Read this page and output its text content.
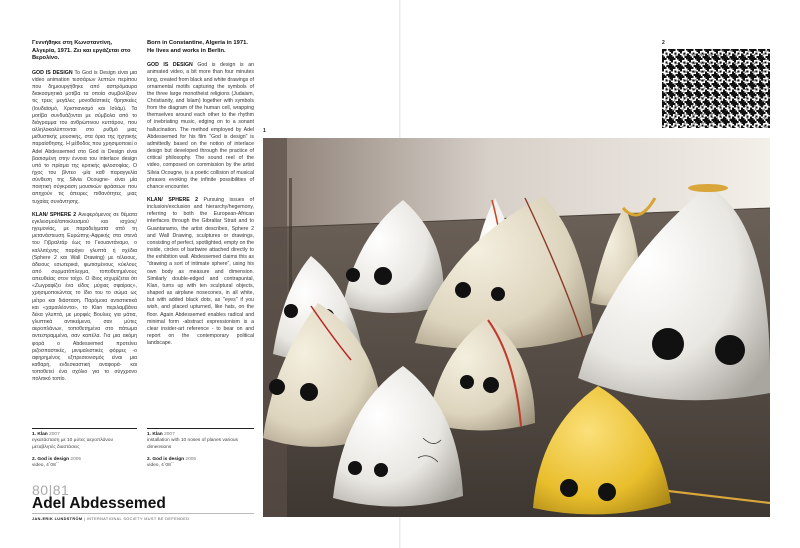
Γεννήθηκε στη Κωνσταντίνη, Αλγερία, 1971. Ζει και εργάζεται στο Βερολίνο.

GOD IS DESIGN Το God is Design είναι μια video animation τεσσάρων λεπτών περίπου που δημιουργήθηκε από ασπρόμαυρα διακοσμητικά μοτίβα τα οποία συμβολίζουν τις τρεις μεγάλες μονοθεϊστικές θρησκείες (Ιουδαϊσμό, Χριστιανισμό και Ισλάμ). Τα μοτίβα συνδυάζονται με σύμβολα από το διάγραμμα του ανθρώπινου κυττάρου, που αλληλοκαλύπτονται στο ρυθμό μιας μεθυστικής μουσικής, στα όρια της ηχητικής παραίσθησης. Η μέθοδος που χρησιμοποιεί ο Adel Abdessemed στο God is Design είναι βασισμένη στην έννοια του interlace design υπό το πρίσμα της κριτικής φιλοσοφίας. Ο ήχος του βίντεο -μία καθ παραγγελία σύνθεση της Silvia Ocougne- είναι μία ποιητική σύγκραση μουσικών φράσεων που απηχούν τις άπειρες πιθανότητες μιας τυχαίας συνάντησης.

KLAN/ SPHERE 2 Ανεφερόμενος σε θέματα εγκλεισμού/αποκλεισμού και ισχύος/ηγεμονίας, με παραδείγματα από τη μετανάστευση Ευρώπης-Αφρικής στα στενά του Γιβραλτάρ έως το Γκουαντάναμο, ο καλλιτέχνης παράγει γλυπτά ή σχέδια (Sphere 2 και Wall Drawing) με τέλειους, άδειους εσωτερικά, φωτισμένους κύκλους από συρματόπλεγμα, τοποθετημένους απευθείας στον τοίχο. Ο ίδιος ισχυρίζεται ότι «Ζωγραφίζει ένα είδος μύχιας σφαίρας», χρησιμοποιώντας το ίδιο του το σώμα ως μέτρο και διάσταση. Παρόμοια αντιστικτικά και «χαμαιλέοντα», το Klan περιλαμβάνει δέκα γλυπτά, με μορφές Βουλιες για μάτια, γλυπτικά αντικείμενα, σαν μύτες αεροπλάνων, τοποθετημένα στο πάτωμα αντεστραμμένα, σαν καπέλα. Για μια ακόμη φορά ο Abdessemed προτείνει ριζοσπαστικές, μινιμαλιστικές φόρμες -ο αφηρημένος εξπρεσιονισμός είναι μια καθαρή, ενδεσκαστική αναφορά- και τοποθετεί ένα σχόλιο για το σύγχρονο πολιτικό τοπίο.

Born in Constantine, Algeria in 1971. He lives and works in Berlin.

GOD IS DESIGN God is design is an animated video, a bit more than four minutes long, created from black and white drawings of ornamental motifs capturing the symbols of the three large monotheist religions (Judaism, Christianity, and Islam) together with symbols from the diagram of the human cell, wrapping themselves around each other to the rhythm of inebriating music, edging on to a sonant hallucination. The method employed by Adel Abdessemed for his film "God is design" is admittedly based on the notion of interlace design but developed through the practice of critical philosophy. The sound reel of the video, composed on commission by the artist Silvia Ocougne, is a poetic collision of musical phrases evoking the infinite possibilities of chance encounter.

KLAN/ SPHERE 2 Pursuing issues of inclusion/exclusion and hierarchy/hegemony, referring to both the European-African interfaces through the Gibraltar Strait and to Guantanamo, the artist describes, Sphere 2 and Wall Drawing, sculptures or drawings, consisting of perfect, spotlighted, empty on the inside, circles of barbwire attached directly to the exhibition wall. Abdessemed claims this as "drawing a sort of intimate sphere", using his own body as measure and dimension. Similarly double-edged and contrapuntal, Klan, turns up with ten sculptural objects, shaped as airplane nosecones, in all white, but with added black dots, as "eyes" if you wish, and placed upturned, like hats, on the floor. Again Abdessemed enables radical and minimal form -abstract expressionism is a clear insider-art reference - to bear on and report on the contemporary political landscape.

1. Klan 2007
εγκατάσταση με 10 μύτες αεροπλάνου μεταβλητές διαστάσεις
2. God is design 2005
video, 4΄08΄΄
1. Klan 2007
installation with 10 noses of planes various dimensions
2. God is design 2005
video, 4΄08΄΄
80|81
Adel Abdessemed
JAN-ERIK LUNDSTRÖM | INTERNATIONAL SOCIETY MUST BE DEFENDED
1
2
